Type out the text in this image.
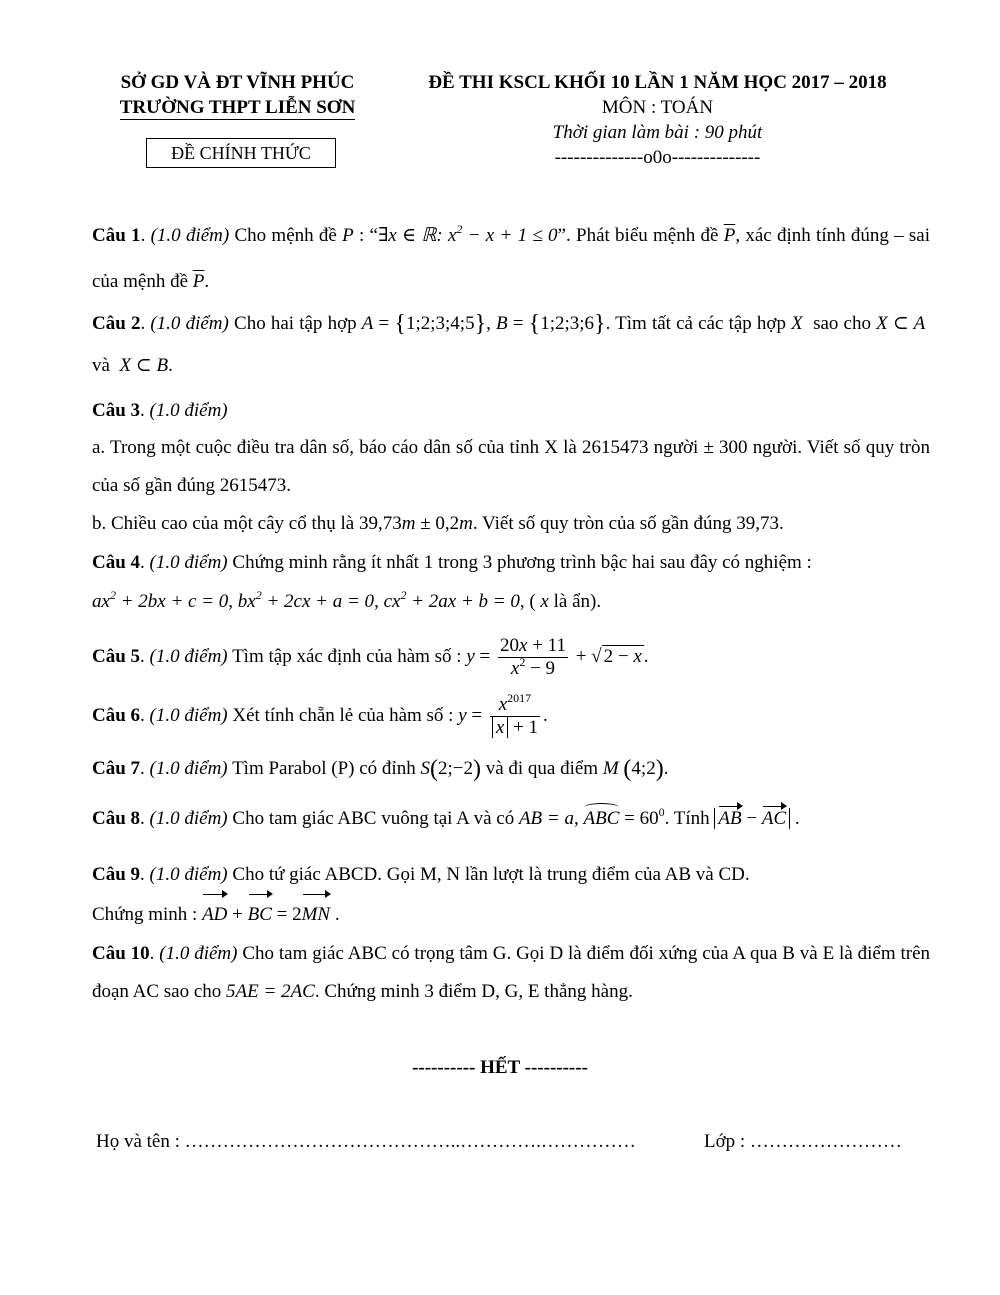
SỞ GD VÀ ĐT VĨNH PHÚC
TRƯỜNG THPT LIỄN SƠN
ĐỀ CHÍNH THỨC
ĐỀ THI KSCL KHỐI 10 LẦN 1 NĂM HỌC 2017 – 2018
MÔN : TOÁN
Thời gian làm bài : 90 phút
--------------o0o--------------

Câu 1. (1.0 điểm) Cho mệnh đề P : “∃x ∈ ℝ: $x^2 - x + 1 \le 0$”. Phát biểu mệnh đề $\overline{P}$, xác định tính đúng – sai của mệnh đề $\overline{P}$.

Câu 2. (1.0 điểm) Cho hai tập hợp A = {1;2;3;4;5}, B = {1;2;3;6}. Tìm tất cả các tập hợp X sao cho X ⊂ A  và X ⊂ B.

Câu 3. (1.0 điểm)

a. Trong một cuộc điều tra dân số, báo cáo dân số của tỉnh X là 2615473 người ± 300 người. Viết số quy tròn của số gần đúng 2615473.

b. Chiều cao của một cây cổ thụ là 39,73m ± 0,2m. Viết số quy tròn của số gần đúng 39,73.

Câu 4. (1.0 điểm) Chứng minh rằng ít nhất 1 trong 3 phương trình bậc hai sau đây có nghiệm :
$ax^2 + 2bx + c = 0$, $bx^2 + 2cx + a = 0$, $cx^2 + 2ax + b = 0$, ( x là ẩn).

Câu 5. (1.0 điểm) Tìm tập xác định của hàm số : $y = \frac{20x + 11}{x^2 - 9}$ + √ 2 − x .

Câu 6. (1.0 điểm) Xét tính chẵn lẻ của hàm số : $y = \frac{x^{2017}}{x + 1}$ .

Câu 7. (1.0 điểm) Tìm Parabol (P) có đỉnh S(2;−2) và đi qua điểm M (4;2).

Câu 8. (1.0 điểm) Cho tam giác ABC vuông tại A và có AB = a, ABC = $60^0$. Tính AB − AC .

Câu 9. (1.0 điểm) Cho tứ giác ABCD. Gọi M, N lần lượt là trung điểm của AB và CD.
Chứng minh : AD + BC = 2MN .

Câu 10. (1.0 điểm) Cho tam giác ABC có trọng tâm G. Gọi D là điểm đối xứng của A qua B và E là điểm trên đoạn AC sao cho 5AE = 2AC. Chứng minh 3 điểm D, G, E thẳng hàng.

---------- HẾT ----------
Họ và tên : ……………………………………..………….……………	Lớp : ……………………
